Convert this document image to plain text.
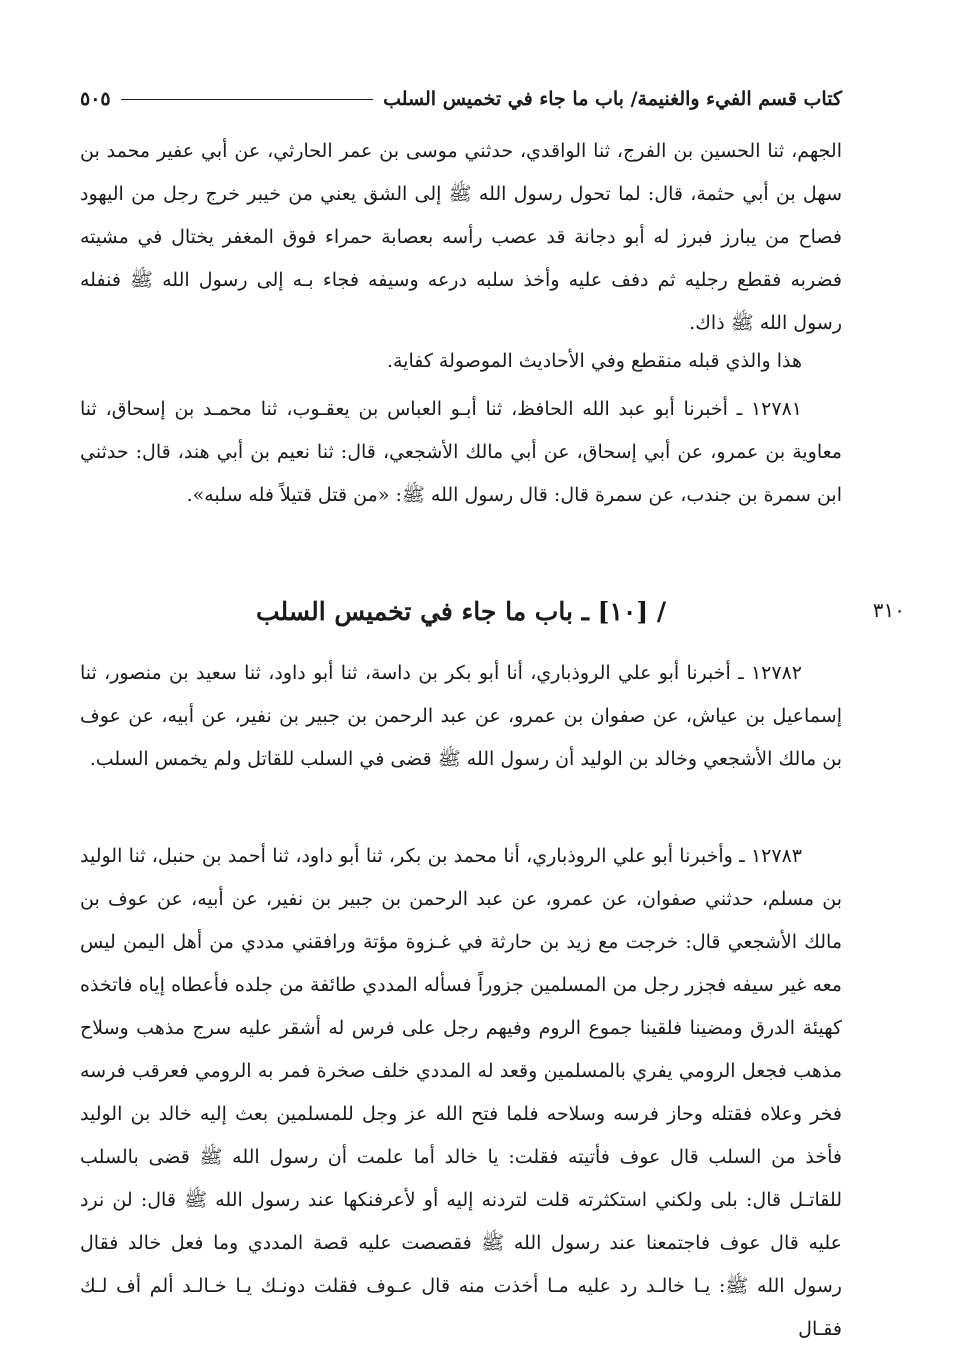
كتاب قسم الفيء والغنيمة/ باب ما جاء في تخميس السلب
٥٠٥

الجهم، ثنا الحسين بن الفرج، ثنا الواقدي، حدثني موسى بن عمر الحارثي، عن أبي عفير محمد بن سهل بن أبي حثمة، قال: لما تحول رسول الله ﷺ إلى الشق يعني من خيبر خرج رجل من اليهود فصاح من يبارز فبرز له أبو دجانة قد عصب رأسه بعصابة حمراء فوق المغفر يختال في مشيته فضربه فقطع رجليه ثم دفف عليه وأخذ سلبه درعه وسيفه فجاء بـه إلى رسول الله ﷺ فنفله رسول الله ﷺ ذاك.

هذا والذي قبله منقطع وفي الأحاديث الموصولة كفاية.

١٢٧٨١ ـ أخبرنا أبو عبد الله الحافظ، ثنا أبـو العباس بن يعقـوب، ثنا محمـد بن إسحاق، ثنا معاوية بن عمرو، عن أبي إسحاق، عن أبي مالك الأشجعي، قال: ثنا نعيم بن أبي هند، قال: حدثني ابن سمرة بن جندب، عن سمرة قال: قال رسول الله ﷺ: «من قتل قتيلاً فله سلبه».

/ [١٠] ـ باب ما جاء في تخميس السلب	٣١٠

١٢٧٨٢ ـ أخبرنا أبو علي الروذباري، أنا أبو بكر بن داسة، ثنا أبو داود، ثنا سعيد بن منصور، ثنا إسماعيل بن عياش، عن صفوان بن عمرو، عن عبد الرحمن بن جبير بن نفير، عن أبيه، عن عوف بن مالك الأشجعي وخالد بن الوليد أن رسول الله ﷺ قضى في السلب للقاتل ولم يخمس السلب.

١٢٧٨٣ ـ وأخبرنا أبو علي الروذباري، أنا محمد بن بكر، ثنا أبو داود، ثنا أحمد بن حنبل، ثنا الوليد بن مسلم، حدثني صفوان، عن عمرو، عن عبد الرحمن بن جبير بن نفير، عن أبيه، عن عوف بن مالك الأشجعي قال: خرجت مع زيد بن حارثة في غـزوة مؤتة ورافقني مددي من أهل اليمن ليس معه غير سيفه فجزر رجل من المسلمين جزوراً فسأله المددي طائفة من جلده فأعطاه إياه فاتخذه كهيئة الدرق ومضينا فلقينا جموع الروم وفيهم رجل على فرس له أشقر عليه سرج مذهب وسلاح مذهب فجعل الرومي يفري بالمسلمين وقعد له المددي خلف صخرة فمر به الرومي فعرقب فرسه فخر وعلاه فقتله وحاز فرسه وسلاحه فلما فتح الله عز وجل للمسلمين بعث إليه خالد بن الوليد فأخذ من السلب قال عوف فأتيته فقلت: يا خالد أما علمت أن رسول الله ﷺ قضى بالسلب للقاتـل قال: بلى ولكني استكثرته قلت لتردنه إليه أو لأعرفنكها عند رسول الله ﷺ قال: لن نرد عليه قال عوف فاجتمعنا عند رسول الله ﷺ فقصصت عليه قصة المددي وما فعل خالد فقال رسول الله ﷺ: يـا خالـد رد عليه مـا أخذت منه قال عـوف فقلت دونـك يـا خـالـد ألم أف لـك فقـال
